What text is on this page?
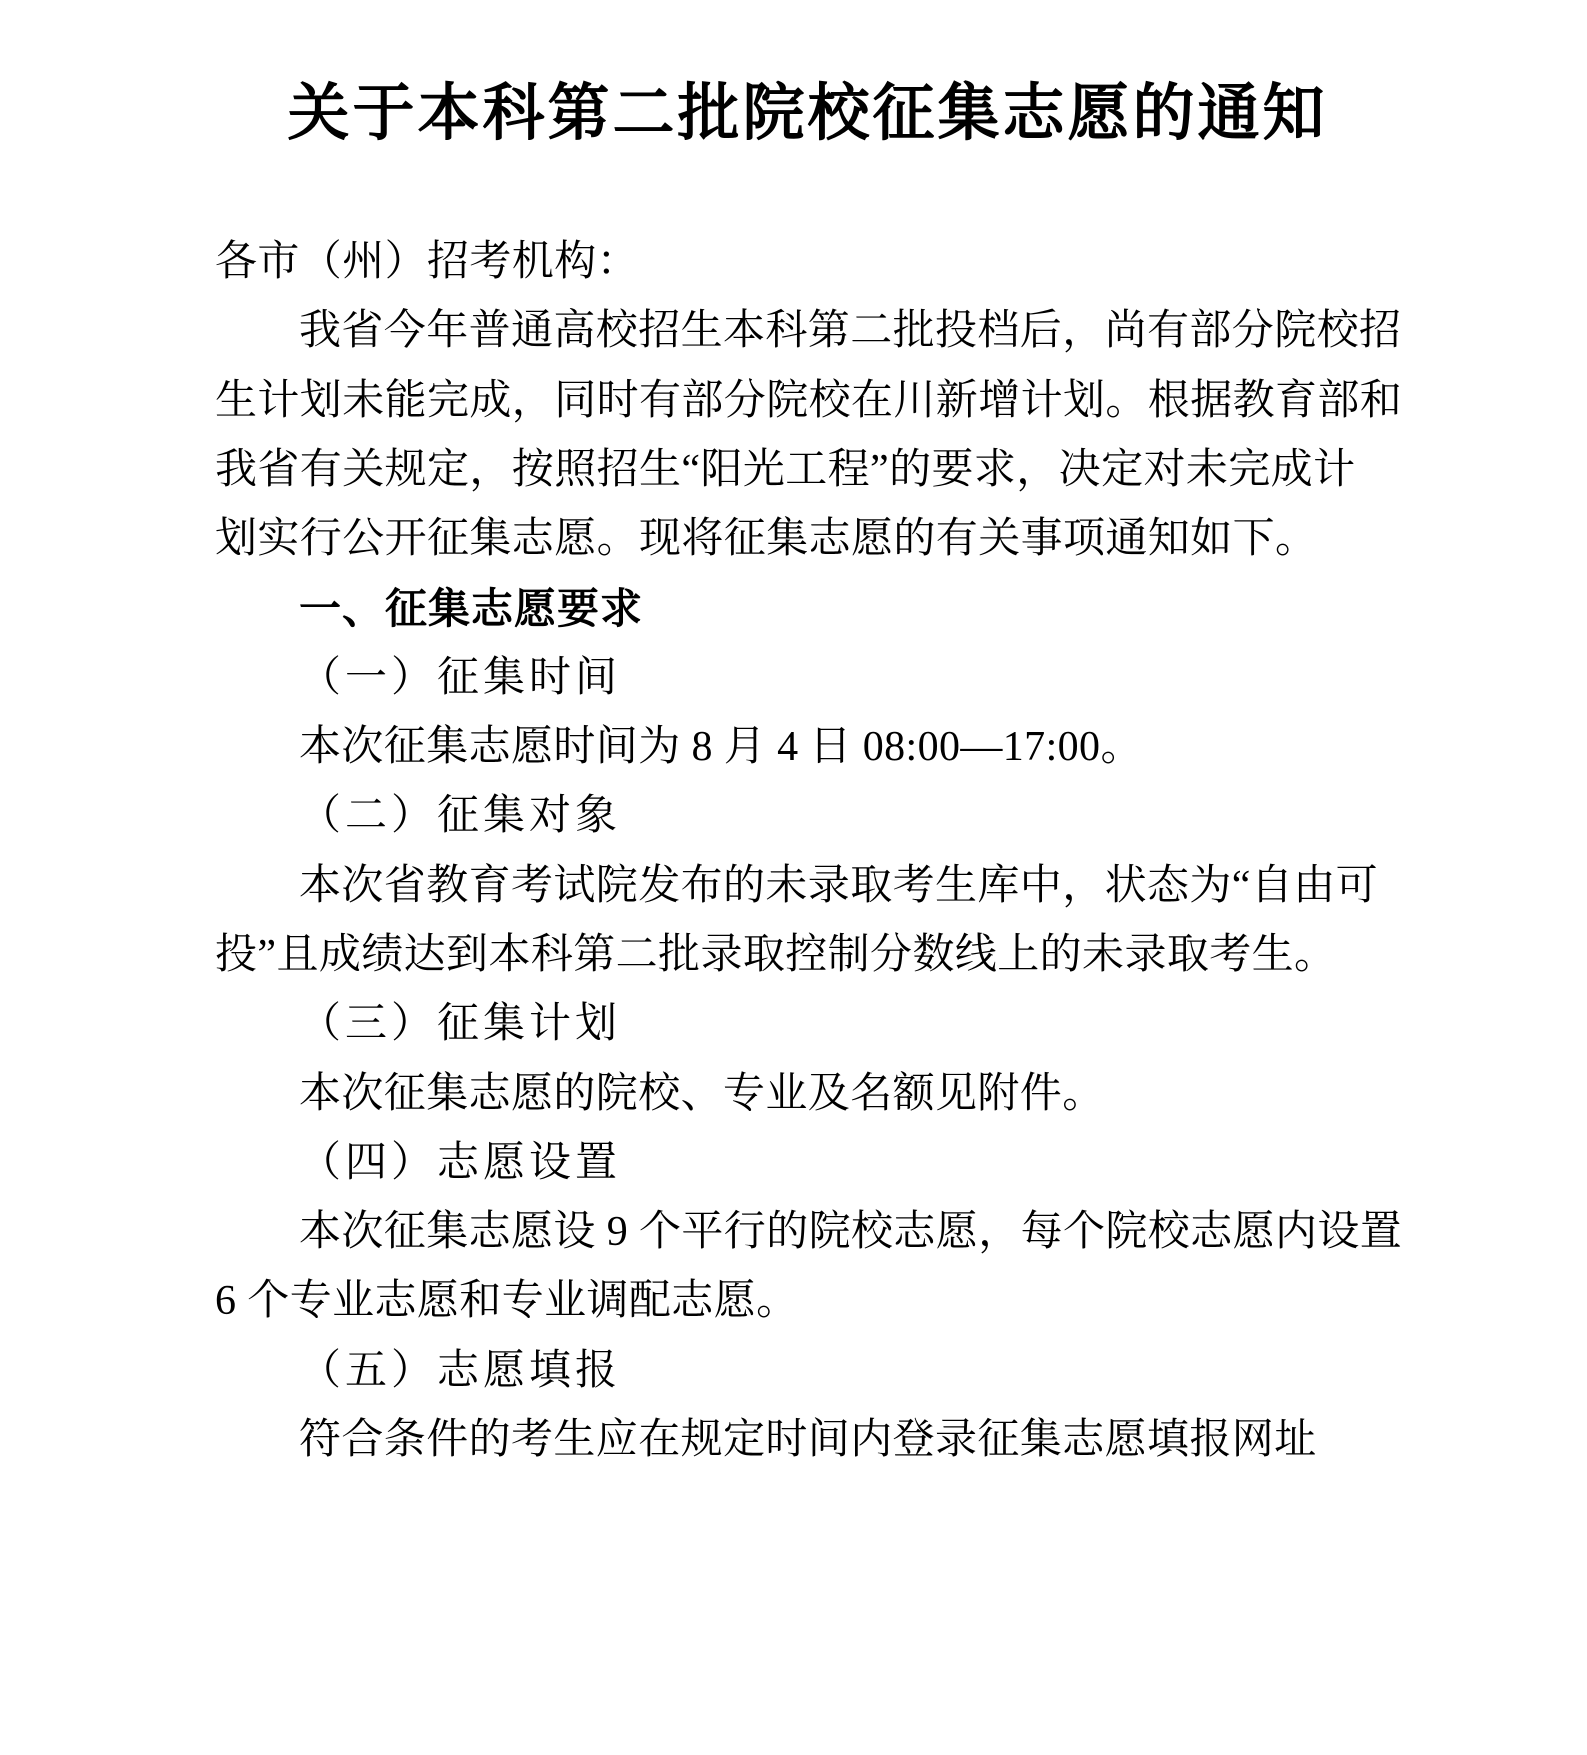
关于本科第二批院校征集志愿的通知
各市（州）招考机构：
我省今年普通高校招生本科第二批投档后，尚有部分院校招
生计划未能完成，同时有部分院校在川新增计划。根据教育部和
我省有关规定，按照招生“阳光工程”的要求，决定对未完成计
划实行公开征集志愿。现将征集志愿的有关事项通知如下。
一、征集志愿要求
（一）征集时间
本次征集志愿时间为 8 月 4 日 08:00—17:00。
（二）征集对象
本次省教育考试院发布的未录取考生库中，状态为“自由可
投”且成绩达到本科第二批录取控制分数线上的未录取考生。
（三）征集计划
本次征集志愿的院校、专业及名额见附件。
（四）志愿设置
本次征集志愿设 9 个平行的院校志愿，每个院校志愿内设置
6 个专业志愿和专业调配志愿。
（五）志愿填报
符合条件的考生应在规定时间内登录征集志愿填报网址
